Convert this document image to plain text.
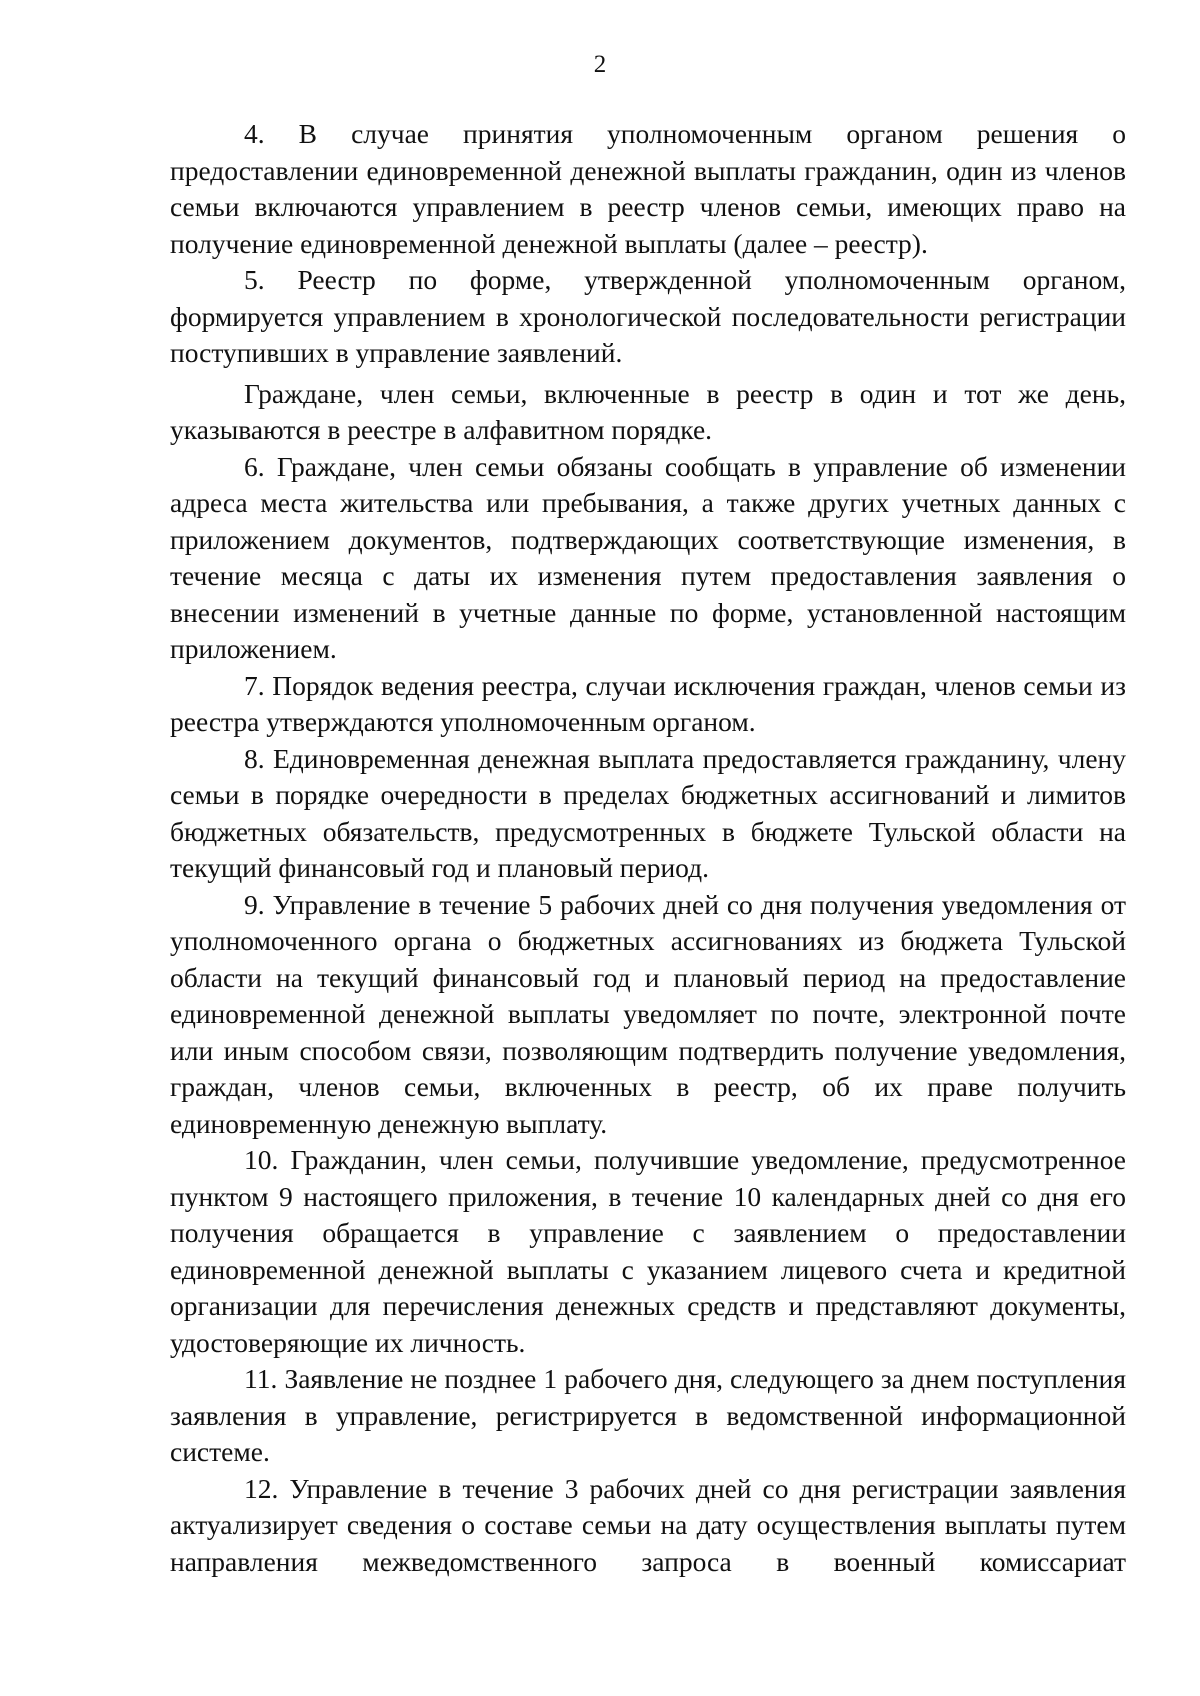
2

4. В случае принятия уполномоченным органом решения о предоставлении единовременной денежной выплаты гражданин, один из членов семьи включаются управлением в реестр членов семьи, имеющих право на получение единовременной денежной выплаты (далее – реестр).

5. Реестр по форме, утвержденной уполномоченным органом, формируется управлением в хронологической последовательности регистрации поступивших в управление заявлений.

Граждане, член семьи, включенные в реестр в один и тот же день, указываются в реестре в алфавитном порядке.

6. Граждане, член семьи обязаны сообщать в управление об изменении адреса места жительства или пребывания, а также других учетных данных с приложением документов, подтверждающих соответствующие изменения, в течение месяца с даты их изменения путем предоставления заявления о внесении изменений в учетные данные по форме, установленной настоящим приложением.

7. Порядок ведения реестра, случаи исключения граждан, членов семьи из реестра утверждаются уполномоченным органом.

8. Единовременная денежная выплата предоставляется гражданину, члену семьи в порядке очередности в пределах бюджетных ассигнований и лимитов бюджетных обязательств, предусмотренных в бюджете Тульской области на текущий финансовый год и плановый период.

9. Управление в течение 5 рабочих дней со дня получения уведомления от уполномоченного органа о бюджетных ассигнованиях из бюджета Тульской области на текущий финансовый год и плановый период на предоставление единовременной денежной выплаты уведомляет по почте, электронной почте или иным способом связи, позволяющим подтвердить получение уведомления, граждан, членов семьи, включенных в реестр, об их праве получить единовременную денежную выплату.

10. Гражданин, член семьи, получившие уведомление, предусмотренное пунктом 9 настоящего приложения, в течение 10 календарных дней со дня его получения обращается в управление с заявлением о предоставлении единовременной денежной выплаты с указанием лицевого счета и кредитной организации для перечисления денежных средств и представляют документы, удостоверяющие их личность.

11. Заявление не позднее 1 рабочего дня, следующего за днем поступления заявления в управление, регистрируется в ведомственной информационной системе.

12. Управление в течение 3 рабочих дней со дня регистрации заявления актуализирует сведения о составе семьи на дату осуществления выплаты путем направления межведомственного запроса в военный комиссариат
